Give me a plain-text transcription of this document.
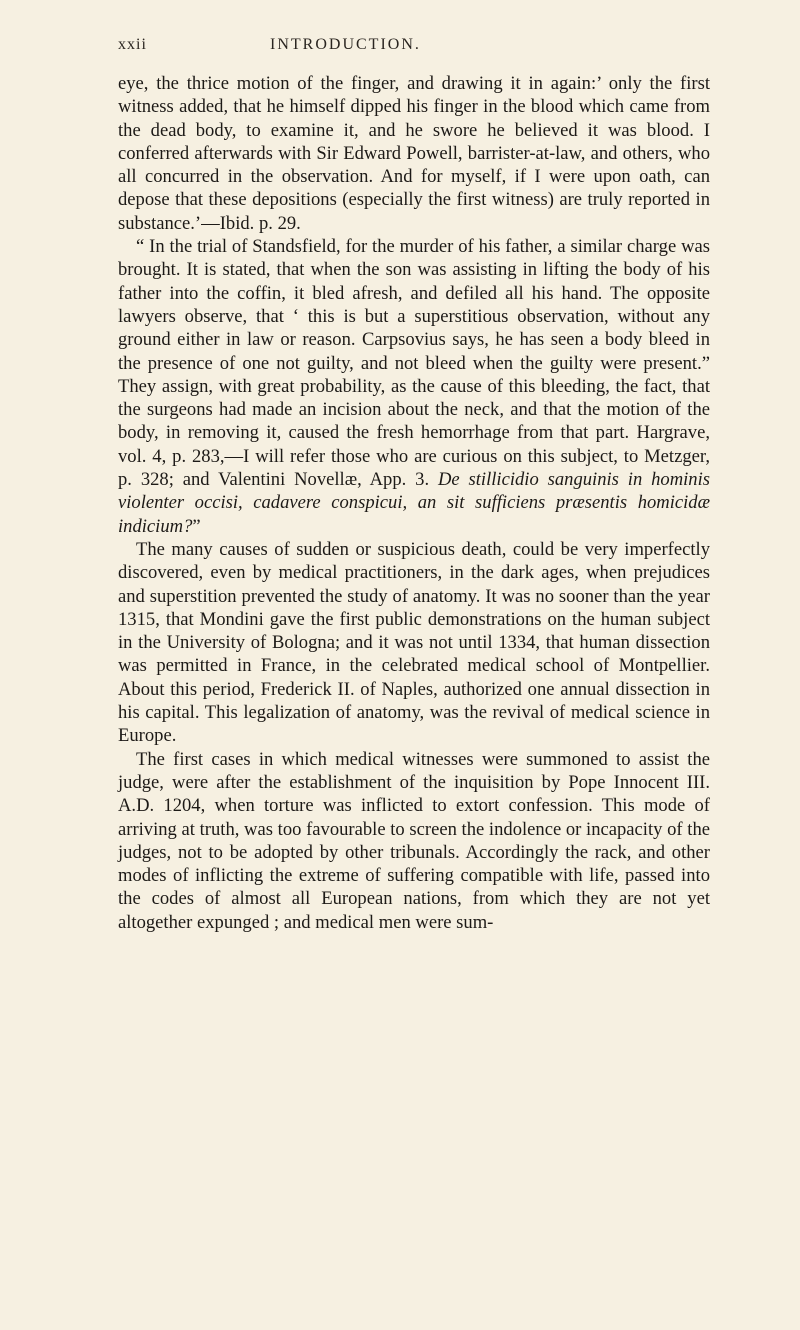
xxii	INTRODUCTION.

eye, the thrice motion of the finger, and drawing it in again:’ only the first witness added, that he himself dipped his finger in the blood which came from the dead body, to examine it, and he swore he believed it was blood. I conferred afterwards with Sir Edward Powell, barrister-at-law, and others, who all concurred in the observation. And for myself, if I were upon oath, can depose that these depositions (especially the first witness) are truly reported in substance.’—Ibid. p. 29.

“ In the trial of Standsfield, for the murder of his father, a similar charge was brought. It is stated, that when the son was assisting in lifting the body of his father into the coffin, it bled afresh, and defiled all his hand. The opposite lawyers observe, that ‘ this is but a superstitious observation, without any ground either in law or reason. Carpsovius says, he has seen a body bleed in the presence of one not guilty, and not bleed when the guilty were present.” They assign, with great probability, as the cause of this bleeding, the fact, that the surgeons had made an incision about the neck, and that the motion of the body, in removing it, caused the fresh hemorrhage from that part. Hargrave, vol. 4, p. 283,—I will refer those who are curious on this subject, to Metzger, p. 328; and Valentini Novellæ, App. 3. De stillicidio sanguinis in hominis violenter occisi, cadavere conspicui, an sit sufficiens præsentis homicidæ indicium?”

The many causes of sudden or suspicious death, could be very imperfectly discovered, even by medical practitioners, in the dark ages, when prejudices and superstition prevented the study of anatomy. It was no sooner than the year 1315, that Mondini gave the first public demonstrations on the human subject in the University of Bologna; and it was not until 1334, that human dissection was permitted in France, in the celebrated medical school of Montpellier. About this period, Frederick II. of Naples, authorized one annual dissection in his capital. This legalization of anatomy, was the revival of medical science in Europe.

The first cases in which medical witnesses were summoned to assist the judge, were after the establishment of the inquisition by Pope Innocent III. A.D. 1204, when torture was inflicted to extort confession. This mode of arriving at truth, was too favourable to screen the indolence or incapacity of the judges, not to be adopted by other tribunals. Accordingly the rack, and other modes of inflicting the extreme of suffering compatible with life, passed into the codes of almost all European nations, from which they are not yet altogether expunged ; and medical men were sum-
